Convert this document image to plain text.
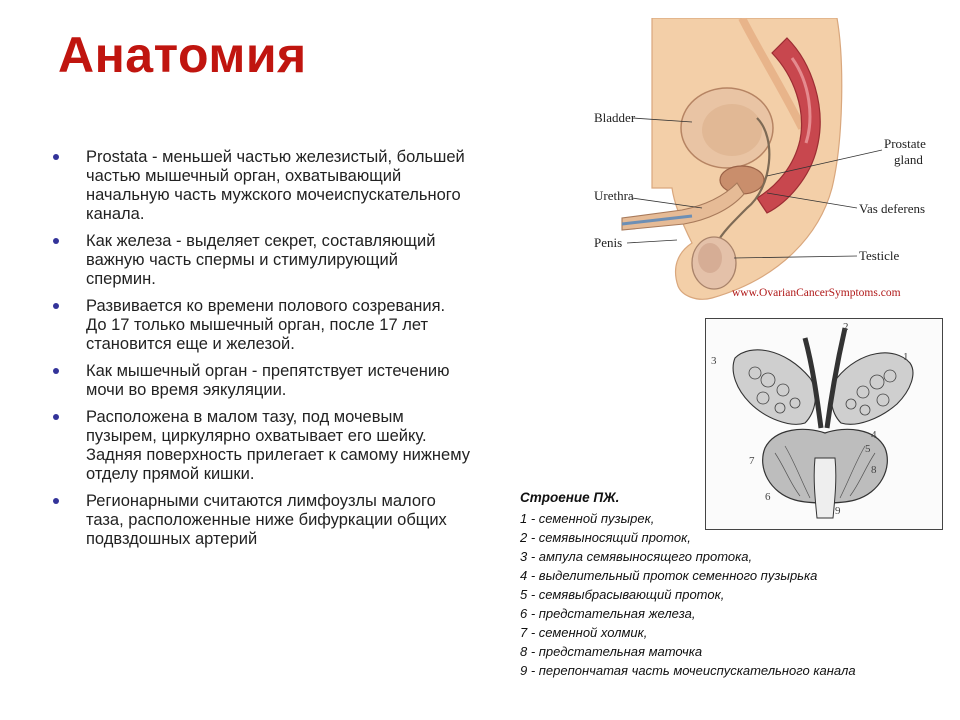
Анатомия
Prostata - меньшей частью железистый, большей частью мышечный орган, охватывающий начальную часть мужского мочеиспускательного канала.
Как железа - выделяет секрет, составляющий важную часть спермы и стимулирующий спермин.
Развивается ко времени полового созревания. До 17 только мышечный орган, после 17 лет становится еще и железой.
Как мышечный орган - препятствует истечению мочи во время эякуляции.
Расположена в малом тазу, под мочевым пузырем, циркулярно охватывает его шейку. Задняя поверхность прилегает к самому нижнему отделу прямой кишки.
Регионарными считаются лимфоузлы малого таза, расположенные ниже бифуркации общих подвздошных артерий
Bladder
Prostate
gland
Urethra
Vas deferens
Penis
Testicle
www.OvarianCancerSymptoms.com
1
2
3
4
5
6
7
8
9
Строение ПЖ.
1 - семенной пузырек,
2 - семявыносящий проток,
3 - ампула семявыносящего протока,
4 - выделительный проток семенного пузырька
5 - семявыбрасывающий проток,
6 - предстательная железа,
7 - семенной холмик,
8 - предстательная маточка
9 - перепончатая часть мочеиспускательного канала
